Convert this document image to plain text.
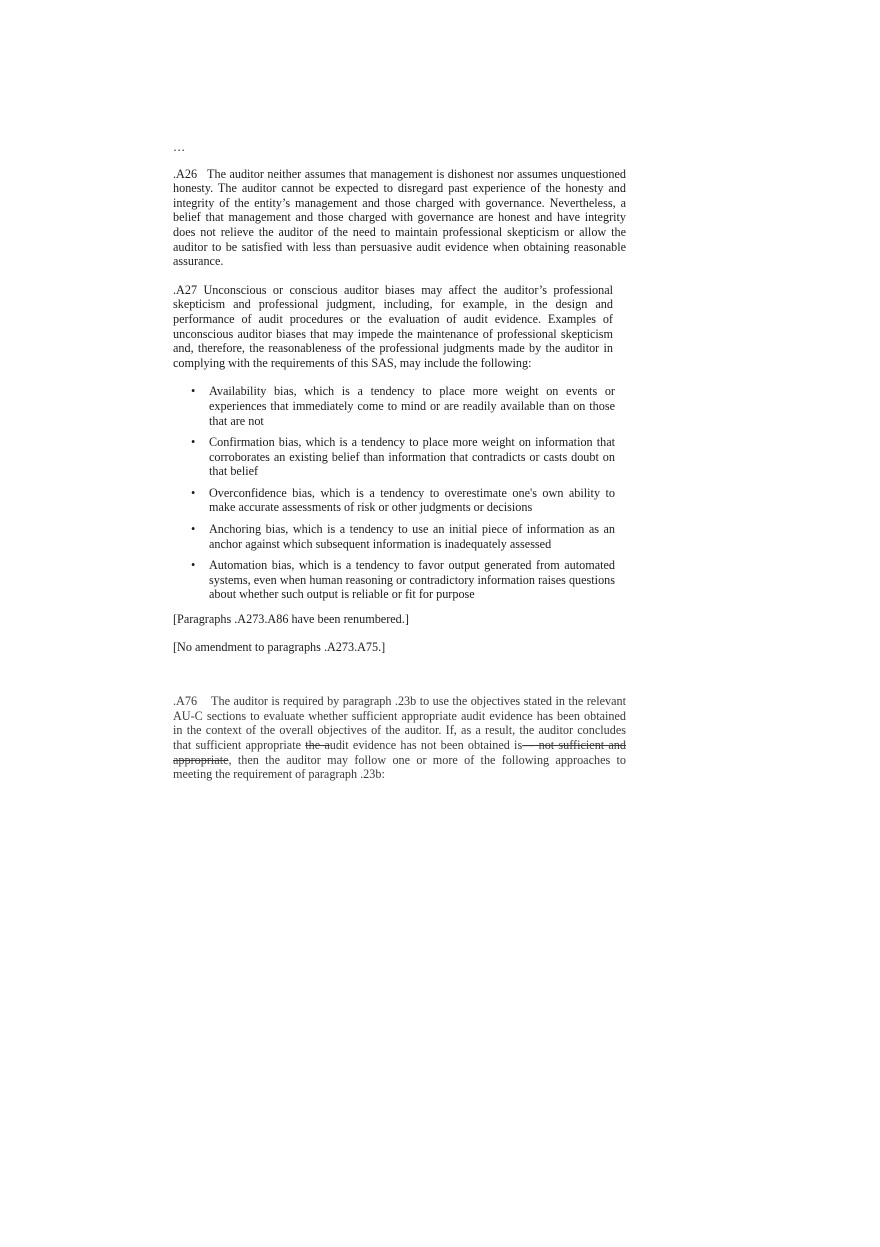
…

.A26 The auditor neither assumes that management is dishonest nor assumes unquestioned honesty. The auditor cannot be expected to disregard past experience of the honesty and integrity of the entity’s management and those charged with governance. Nevertheless, a belief that management and those charged with governance are honest and have integrity does not relieve the auditor of the need to maintain professional skepticism or allow the auditor to be satisfied with less than persuasive audit evidence when obtaining reasonable assurance.

.A27 Unconscious or conscious auditor biases may affect the auditor’s professional skepticism and professional judgment, including, for example, in the design and performance of audit procedures or the evaluation of audit evidence. Examples of unconscious auditor biases that may impede the maintenance of professional skepticism and, therefore, the reasonableness of the professional judgments made by the auditor in complying with the requirements of this SAS, may include the following:

• Availability bias, which is a tendency to place more weight on events or experiences that immediately come to mind or are readily available than on those that are not
• Confirmation bias, which is a tendency to place more weight on information that corroborates an existing belief than information that contradicts or casts doubt on that belief
• Overconfidence bias, which is a tendency to overestimate one's own ability to make accurate assessments of risk or other judgments or decisions
• Anchoring bias, which is a tendency to use an initial piece of information as an anchor against which subsequent information is inadequately assessed
• Automation bias, which is a tendency to favor output generated from automated systems, even when human reasoning or contradictory information raises questions about whether such output is reliable or fit for purpose

[Paragraphs .A273.A86 have been renumbered.]

[No amendment to paragraphs .A273.A75.]

.A76 The auditor is required by paragraph .23b to use the objectives stated in the relevant AU-C sections to evaluate whether sufficient appropriate audit evidence has been obtained in the context of the overall objectives of the auditor. If, as a result, the auditor concludes that sufficient appropriate the audit evidence has not been obtained is— not sufficient and appropriate, then the auditor may follow one or more of the following approaches to meeting the requirement of paragraph .23b:
